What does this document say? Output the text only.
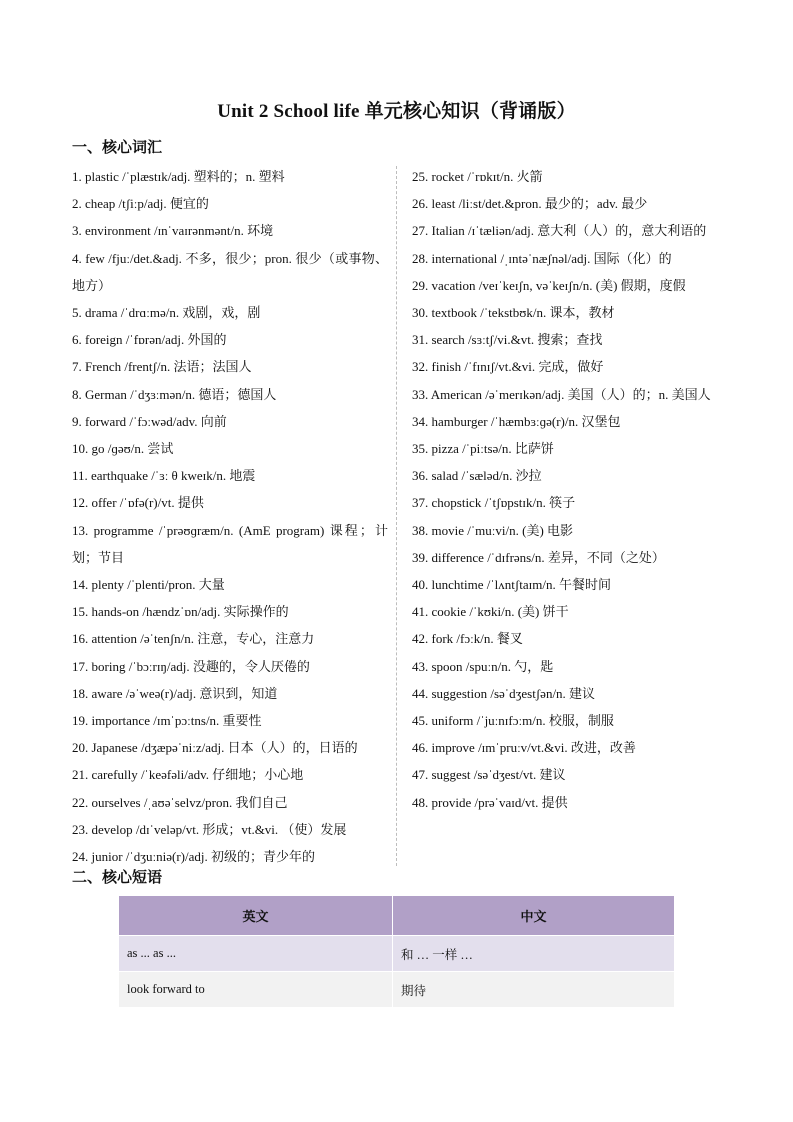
Unit 2 School life 单元核心知识（背诵版）
一、核心词汇

1. plastic /ˈplæstɪk/adj. 塑料的；n. 塑料

2. cheap /tʃiːp/adj. 便宜的

3. environment /ɪnˈvaɪrənmənt/n. 环境

4. few /fjuː/det.&adj. 不多，很少；pron. 很少（或事物、地方）

5. drama /ˈdrɑːmə/n. 戏剧，戏，剧

6. foreign /ˈfɒrən/adj. 外国的

7. French /frentʃ/n. 法语；法国人

8. German /ˈdʒɜːmən/n. 德语；德国人

9. forward /ˈfɔːwəd/adv. 向前

10. go /ɡəʊ/n. 尝试

11. earthquake /ˈɜː θ kweɪk/n. 地震

12. offer /ˈɒfə(r)/vt. 提供

13. programme /ˈprəʊɡræm/n. (AmE program) 课程；计划；节目

14. plenty /ˈplenti/pron. 大量

15. hands-on /hændzˈɒn/adj. 实际操作的

16. attention /əˈtenʃn/n. 注意，专心，注意力

17. boring /ˈbɔːrɪŋ/adj. 没趣的，令人厌倦的

18. aware /əˈweə(r)/adj. 意识到，知道

19. importance /ɪmˈpɔːtns/n. 重要性

20. Japanese /dʒæpəˈniːz/adj. 日本（人）的，日语的

21. carefully /ˈkeəfəli/adv. 仔细地；小心地

22. ourselves /ˌaʊəˈselvz/pron. 我们自己

23. develop /dɪˈveləp/vt. 形成；vt.&vi. （使）发展

24. junior /ˈdʒuːniə(r)/adj. 初级的；青少年的

25. rocket /ˈrɒkɪt/n. 火箭

26. least /liːst/det.&pron. 最少的；adv. 最少

27. Italian /ɪˈtæliən/adj. 意大利（人）的，意大利语的

28. international /ˌɪntəˈnæʃnəl/adj. 国际（化）的

29. vacation /veɪˈkeɪʃn, vəˈkeɪʃn/n. (美) 假期，度假

30. textbook /ˈtekstbʊk/n. 课本，教材

31. search /sɜːtʃ/vi.&vt. 搜索；查找

32. finish /ˈfɪnɪʃ/vt.&vi. 完成，做好

33. American /əˈmerɪkən/adj. 美国（人）的；n. 美国人

34. hamburger /ˈhæmbɜːɡə(r)/n. 汉堡包

35. pizza /ˈpiːtsə/n. 比萨饼

36. salad /ˈsæləd/n. 沙拉

37. chopstick /ˈtʃɒpstɪk/n. 筷子

38. movie /ˈmuːvi/n. (美) 电影

39. difference /ˈdɪfrəns/n. 差异，不同（之处）

40. lunchtime /ˈlʌntʃtaɪm/n. 午餐时间

41. cookie /ˈkʊki/n. (美) 饼干

42. fork /fɔːk/n. 餐叉

43. spoon /spuːn/n. 勺，匙

44. suggestion /səˈdʒestʃən/n. 建议

45. uniform /ˈjuːnɪfɔːm/n. 校服，制服

46. improve /ɪmˈpruːv/vt.&vi. 改进，改善

47. suggest /səˈdʒest/vt. 建议

48. provide /prəˈvaɪd/vt. 提供

二、核心短语
英文	中文
as ... as ...	和 … 一样 …
look forward to	期待
